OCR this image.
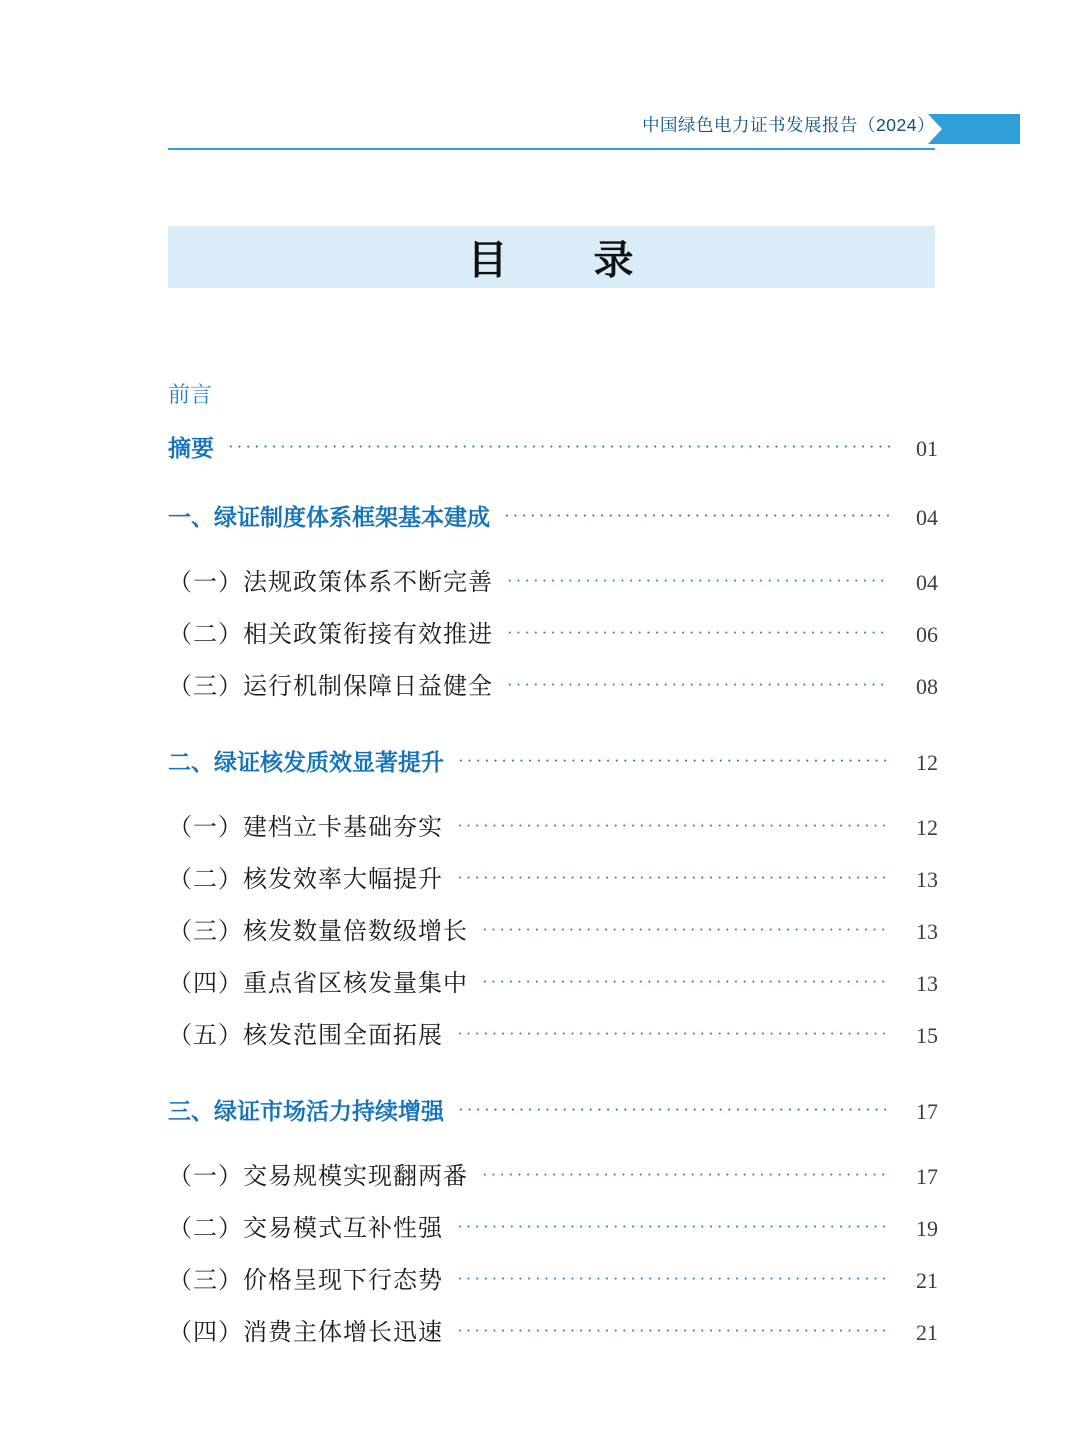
中国绿色电力证书发展报告（2024）
目　　录
前言
摘要 ·····	01
一、绿证制度体系框架基本建成 ·····	04
（一）法规政策体系不断完善 ·····	04
（二）相关政策衔接有效推进 ·····	06
（三）运行机制保障日益健全 ·····	08
二、绿证核发质效显著提升 ·····	12
（一）建档立卡基础夯实 ·····	12
（二）核发效率大幅提升 ·····	13
（三）核发数量倍数级增长 ·····	13
（四）重点省区核发量集中 ·····	13
（五）核发范围全面拓展 ·····	15
三、绿证市场活力持续增强 ·····	17
（一）交易规模实现翻两番 ·····	17
（二）交易模式互补性强 ·····	19
（三）价格呈现下行态势 ·····	21
（四）消费主体增长迅速 ·····	21
